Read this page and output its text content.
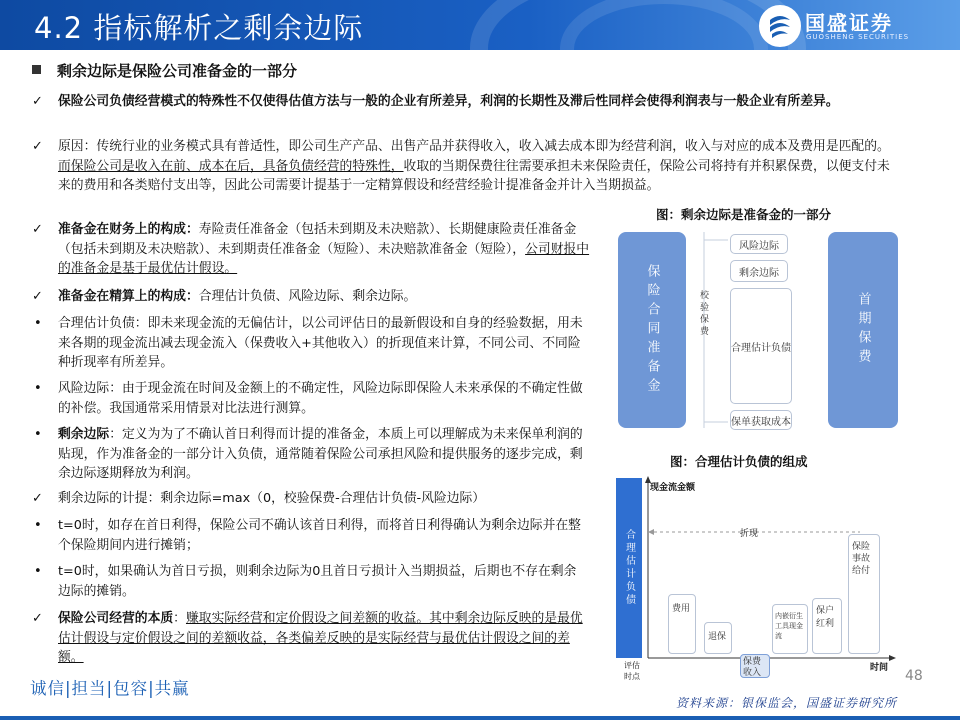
4.2 指标解析之剩余边际	国盛证券
GUOSHENG SECURITIES
剩余边际是保险公司准备金的一部分
✓ 保险公司负债经营模式的特殊性不仅使得估值方法与一般的企业有所差异，利润的长期性及滞后性同样会使得利润表与一般企业有所差异。
✓ 原因：传统行业的业务模式具有普适性，即公司生产产品、出售产品并获得收入，收入减去成本即为经营利润，收入与对应的成本及费用是匹配的。而保险公司是收入在前、成本在后，具备负债经营的特殊性，收取的当期保费往往需要承担未来保险责任，保险公司将持有并积累保费，以便支付未来的费用和各类赔付支出等，因此公司需要计提基于一定精算假设和经营经验计提准备金并计入当期损益。
✓ 准备金在财务上的构成：寿险责任准备金（包括未到期及未决赔款）、长期健康险责任准备金（包括未到期及未决赔款）、未到期责任准备金（短险）、未决赔款准备金（短险），公司财报中的准备金是基于最优估计假设。
✓ 准备金在精算上的构成：合理估计负债、风险边际、剩余边际。
• 合理估计负债：即未来现金流的无偏估计，以公司评估日的最新假设和自身的经验数据，用未来各期的现金流出减去现金流入（保费收入+其他收入）的折现值来计算，不同公司、不同险种折现率有所差异。
• 风险边际：由于现金流在时间及金额上的不确定性，风险边际即保险人未来承保的不确定性做的补偿。我国通常采用情景对比法进行测算。
• 剩余边际：定义为为了不确认首日利得而计提的准备金，本质上可以理解成为未来保单利润的贴现，作为准备金的一部分计入负债，通常随着保险公司承担风险和提供服务的逐步完成，剩余边际逐期释放为利润。
✓ 剩余边际的计提：剩余边际=max（0，校验保费-合理估计负债-风险边际）
• t=0时，如存在首日利得，保险公司不确认该首日利得，而将首日利得确认为剩余边际并在整个保险期间内进行摊销；
• t=0时，如果确认为首日亏损，则剩余边际为0且首日亏损计入当期损益，后期也不存在剩余边际的摊销。
✓ 保险公司经营的本质：赚取实际经营和定价假设之间差额的收益。其中剩余边际反映的是最优估计假设与定价假设之间的差额收益，各类偏差反映的是实际经营与最优估计假设之间的差额。
图：剩余边际是准备金的一部分
保险合同准备金	校验保费
风险边际
剩余边际
合理估计负债
保单获取成本
首期保费
图：合理估计负债的组成
合理估计负债
现金流金额
折现
费用
退保
内嵌衍生工具现金流
保户红利
保险事故给付
保费收入
评估时点
时间
诚信|担当|包容|共赢
48
资料来源：银保监会，国盛证券研究所
